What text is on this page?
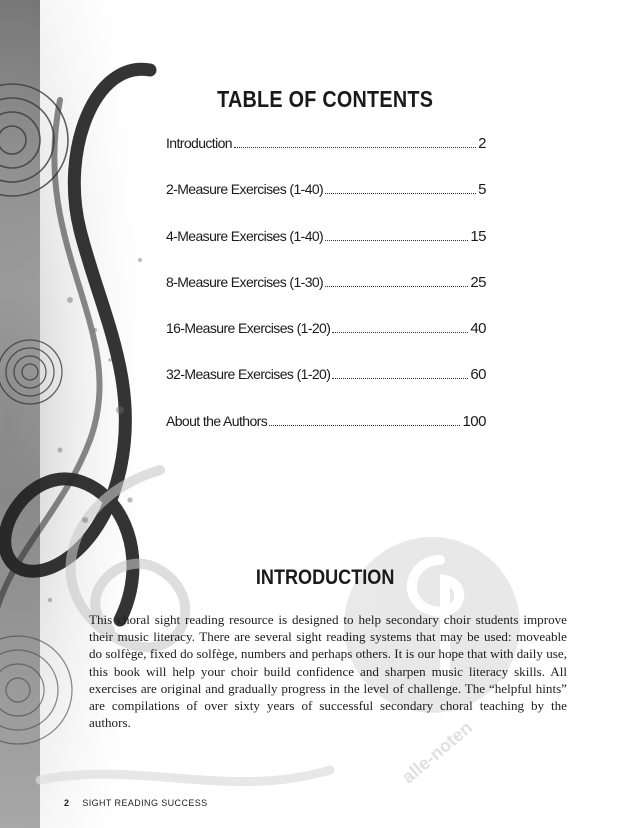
alle-noten
TABLE OF CONTENTS
Introduction	2
2-Measure Exercises (1-40)	5
4-Measure Exercises (1-40)	15
8-Measure Exercises (1-30)	25
16-Measure Exercises (1-20)	40
32-Measure Exercises (1-20)	60
About the Authors	100
INTRODUCTION
This choral sight reading resource is designed to help secondary choir students improve their music literacy. There are several sight reading systems that may be used: moveable do solfège, fixed do solfège, numbers and perhaps others. It is our hope that with daily use, this book will help your choir build confidence and sharpen music literacy skills. All exercises are original and gradually progress in the level of challenge. The “helpful hints” are compilations of over sixty years of successful secondary choral teaching by the authors.
2 SIGHT READING SUCCESS
